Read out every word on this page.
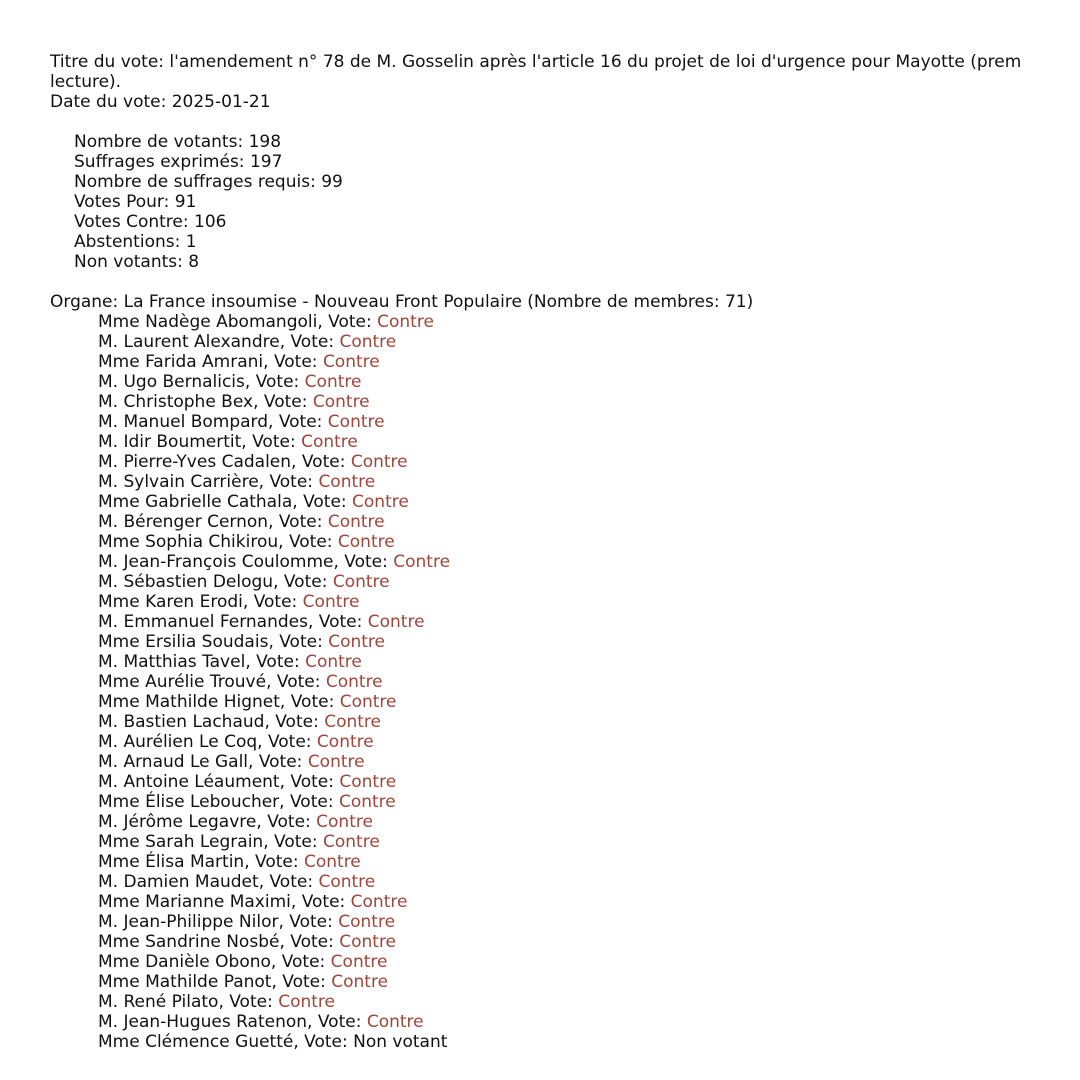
Titre du vote: l'amendement n° 78 de M. Gosselin après l'article 16 du projet de loi d'urgence pour Mayotte (prem
lecture).
Date du vote: 2025-01-21
Nombre de votants: 198
Suffrages exprimés: 197
Nombre de suffrages requis: 99
Votes Pour: 91
Votes Contre: 106
Abstentions: 1
Non votants: 8
Organe: La France insoumise - Nouveau Front Populaire (Nombre de membres: 71)
Mme Nadège Abomangoli, Vote: Contre
M. Laurent Alexandre, Vote: Contre
Mme Farida Amrani, Vote: Contre
M. Ugo Bernalicis, Vote: Contre
M. Christophe Bex, Vote: Contre
M. Manuel Bompard, Vote: Contre
M. Idir Boumertit, Vote: Contre
M. Pierre-Yves Cadalen, Vote: Contre
M. Sylvain Carrière, Vote: Contre
Mme Gabrielle Cathala, Vote: Contre
M. Bérenger Cernon, Vote: Contre
Mme Sophia Chikirou, Vote: Contre
M. Jean-François Coulomme, Vote: Contre
M. Sébastien Delogu, Vote: Contre
Mme Karen Erodi, Vote: Contre
M. Emmanuel Fernandes, Vote: Contre
Mme Ersilia Soudais, Vote: Contre
M. Matthias Tavel, Vote: Contre
Mme Aurélie Trouvé, Vote: Contre
Mme Mathilde Hignet, Vote: Contre
M. Bastien Lachaud, Vote: Contre
M. Aurélien Le Coq, Vote: Contre
M. Arnaud Le Gall, Vote: Contre
M. Antoine Léaument, Vote: Contre
Mme Élise Leboucher, Vote: Contre
M. Jérôme Legavre, Vote: Contre
Mme Sarah Legrain, Vote: Contre
Mme Élisa Martin, Vote: Contre
M. Damien Maudet, Vote: Contre
Mme Marianne Maximi, Vote: Contre
M. Jean-Philippe Nilor, Vote: Contre
Mme Sandrine Nosbé, Vote: Contre
Mme Danièle Obono, Vote: Contre
Mme Mathilde Panot, Vote: Contre
M. René Pilato, Vote: Contre
M. Jean-Hugues Ratenon, Vote: Contre
Mme Clémence Guetté, Vote: Non votant
